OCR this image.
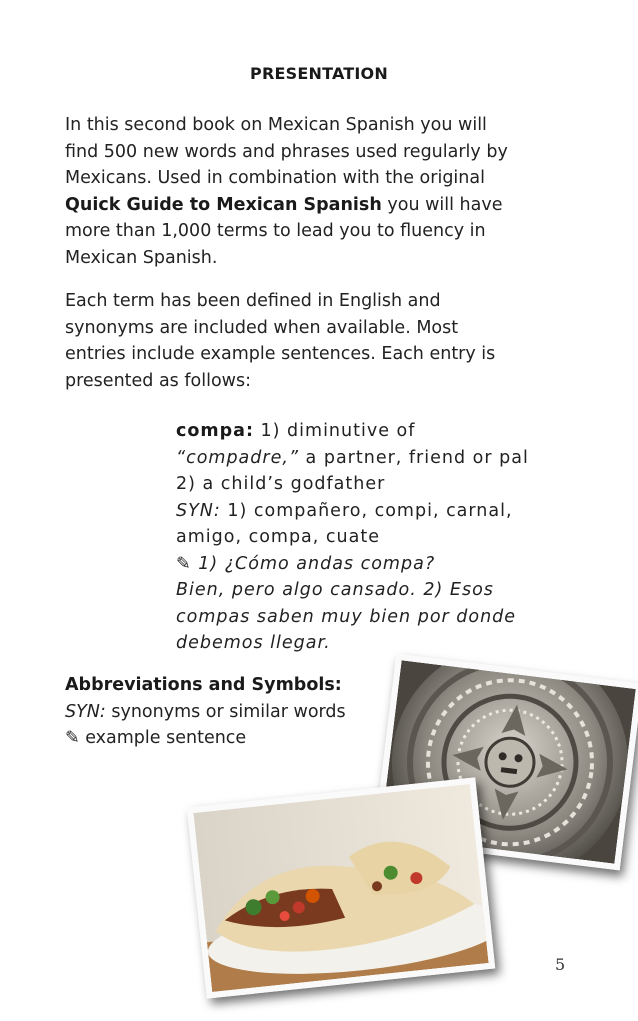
PRESENTATION
In this second book on Mexican Spanish you will
find 500 new words and phrases used regularly by
Mexicans. Used in combination with the original
Quick Guide to Mexican Spanish you will have
more than 1,000 terms to lead you to fluency in
Mexican Spanish.
Each term has been defined in English and
synonyms are included when available. Most
entries include example sentences. Each entry is
presented as follows:
compa: 1) diminutive of
“compadre,” a partner, friend or pal
2) a child’s godfather
SYN: 1) compañero, compi, carnal,
amigo, compa, cuate
✎ 1) ¿Cómo andas compa?
Bien, pero algo cansado. 2) Esos
compas saben muy bien por donde
debemos llegar.
Abbreviations and Symbols:
SYN: synonyms or similar words
✎ example sentence
5
